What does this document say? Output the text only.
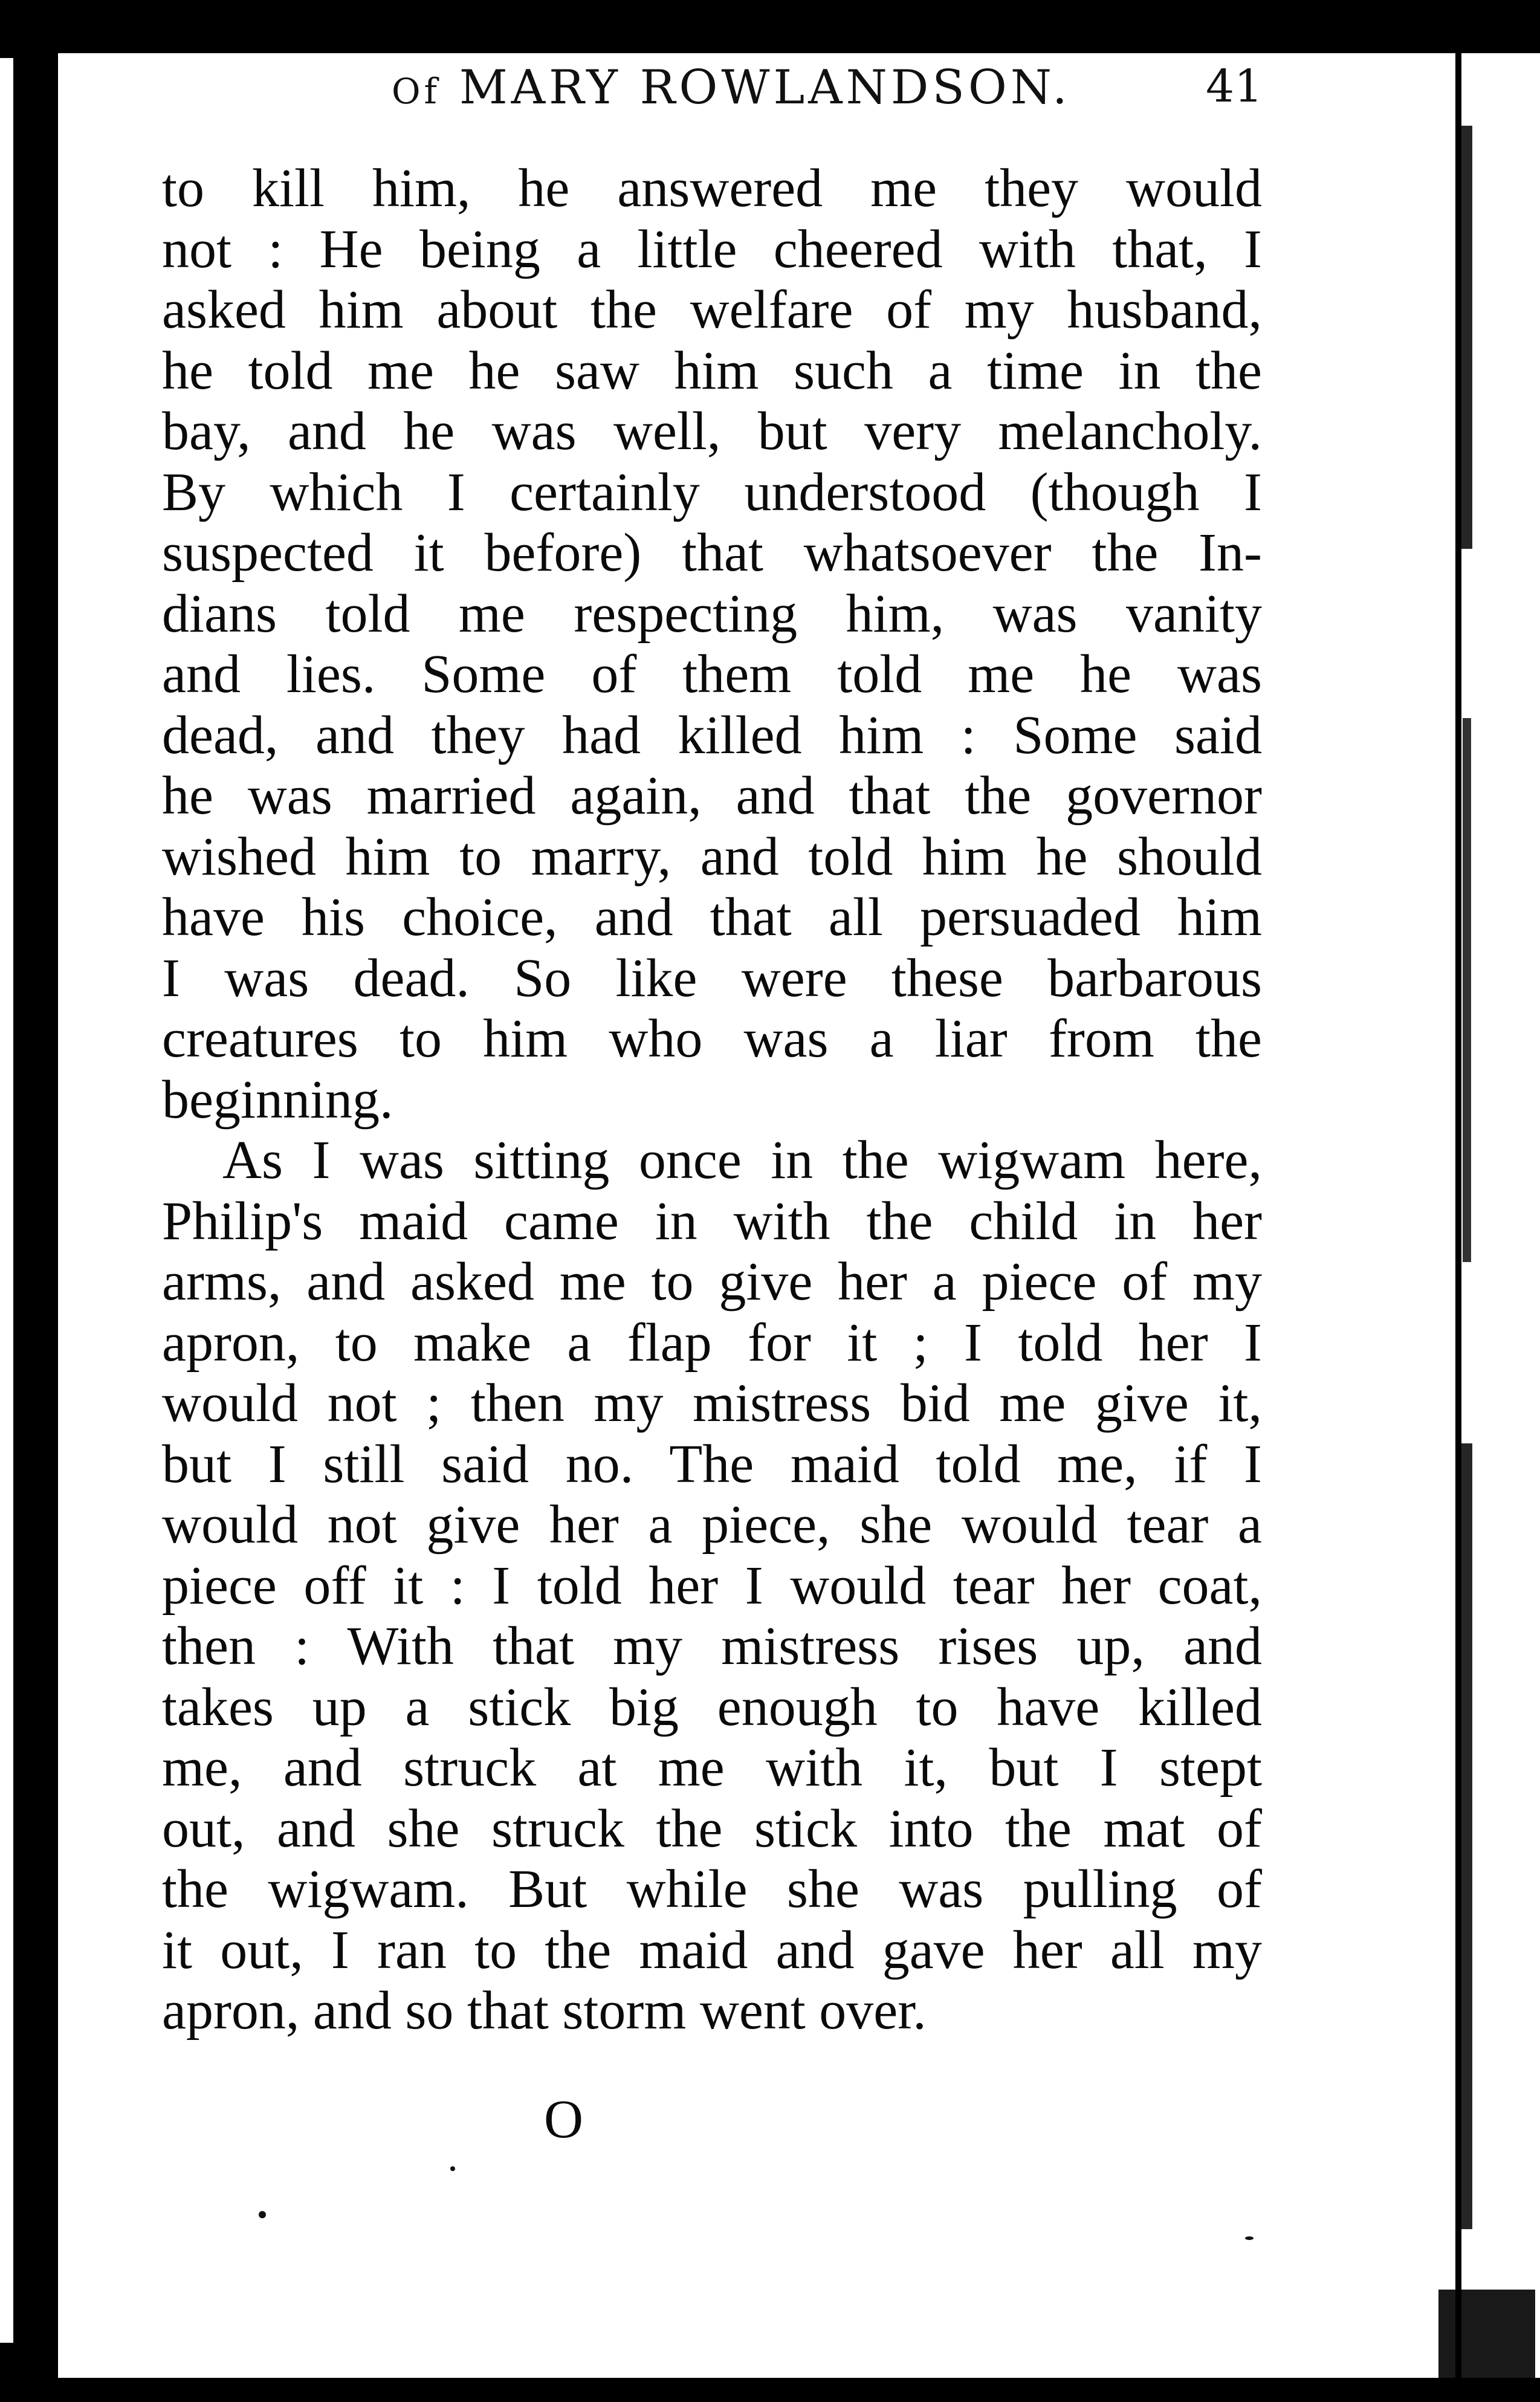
Of MARY ROWLANDSON.	41
to kill him, he answered me they would
not : He being a little cheered with that, I
asked him about the welfare of my husband,
he told me he saw him such a time in the
bay, and he was well, but very melancholy.
By which I certainly understood (though I
suspected it before) that whatsoever the In-
dians told me respecting him, was vanity
and lies. Some of them told me he was
dead, and they had killed him : Some said
he was married again, and that the governor
wished him to marry, and told him he should
have his choice, and that all persuaded him
I was dead. So like were these barbarous
creatures to him who was a liar from the
beginning.
As I was sitting once in the wigwam here,
Philip's maid came in with the child in her
arms, and asked me to give her a piece of my
apron, to make a flap for it ; I told her I
would not ; then my mistress bid me give it,
but I still said no. The maid told me, if I
would not give her a piece, she would tear a
piece off it : I told her I would tear her coat,
then : With that my mistress rises up, and
takes up a stick big enough to have killed
me, and struck at me with it, but I stept
out, and she struck the stick into the mat of
the wigwam. But while she was pulling of
it out, I ran to the maid and gave her all my
apron, and so that storm went over.
O
